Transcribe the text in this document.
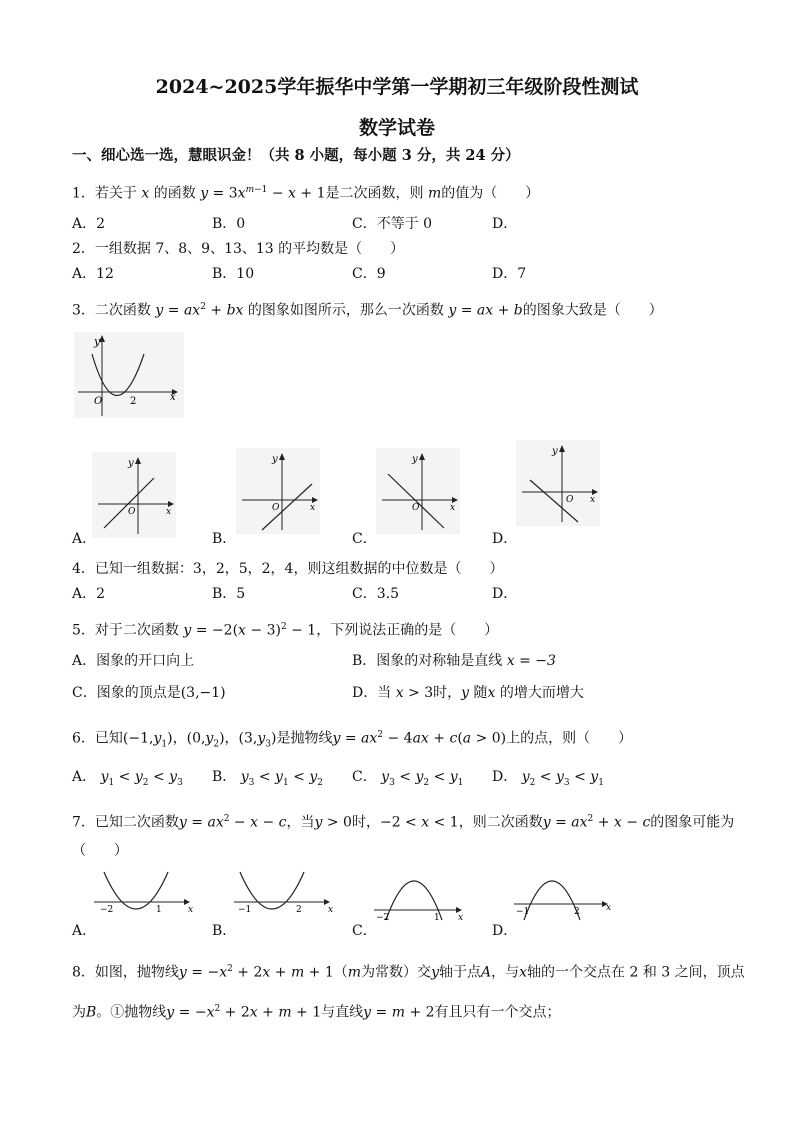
2024~2025学年振华中学第一学期初三年级阶段性测试
数学试卷
一、细心选一选，慧眼识金！（共 8 小题，每小题 3 分，共 24 分）
1．若关于 x 的函数 $y = 3x^{m-1} - x + 1$是二次函数，则 m的值为（　　）
A．2	B．0	C．不等于 0	D．
2．一组数据 7、8、9、13、13 的平均数是（　　）
A．12	B．10	C．9	D．7
3．二次函数 $y = ax^2$ + bx 的图象如图所示，那么一次函数 y = ax + b的图象大致是（　　）
y
x
O	2
y
x
O
y
x
O
y
x
O
y
x
O
A．	B．	C．	D．
4．已知一组数据：3，2，5，2，4，则这组数据的中位数是（　　）
A．2	B．5	C．3.5	D．
5．对于二次函数 $y = -2(x - 3)^2 - 1$，下列说法正确的是（　　）
A．图象的开口向上	B．图象的对称轴是直线 x = −3
C．图象的顶点是(3,−1)	D．当 x > 3时，y 随x 的增大而增大
6．已知$(-1,y_1)$，$(0,y_2)$，$(3,y_3)$是抛物线$y = ax^2 - 4ax + c(a > 0)$上的点，则（　　）
A． $y_1 < y_2 < y_3$ B． $y_3 < y_1 < y_2$ C． $y_3 < y_2 < y_1$ D． $y_2 < y_3 < y_1$
7．已知二次函数$y = ax^2 - x - c$，当y > 0时，−2 < x < 1，则二次函数$y = ax^2 + x - c$的图象可能为
（　　）
−2	1	x	−1	2	x
−2	1 x
−1	2	x
A．	B．	C．	D．
8．如图，抛物线$y = -x^2 + 2x + m + 1(m$为常数）交y轴于点A，与x轴的一个交点在 2 和 3 之间，顶点
为B。①抛物线$y = -x^2 + 2x + m + 1$与直线y = m + 2有且只有一个交点；
